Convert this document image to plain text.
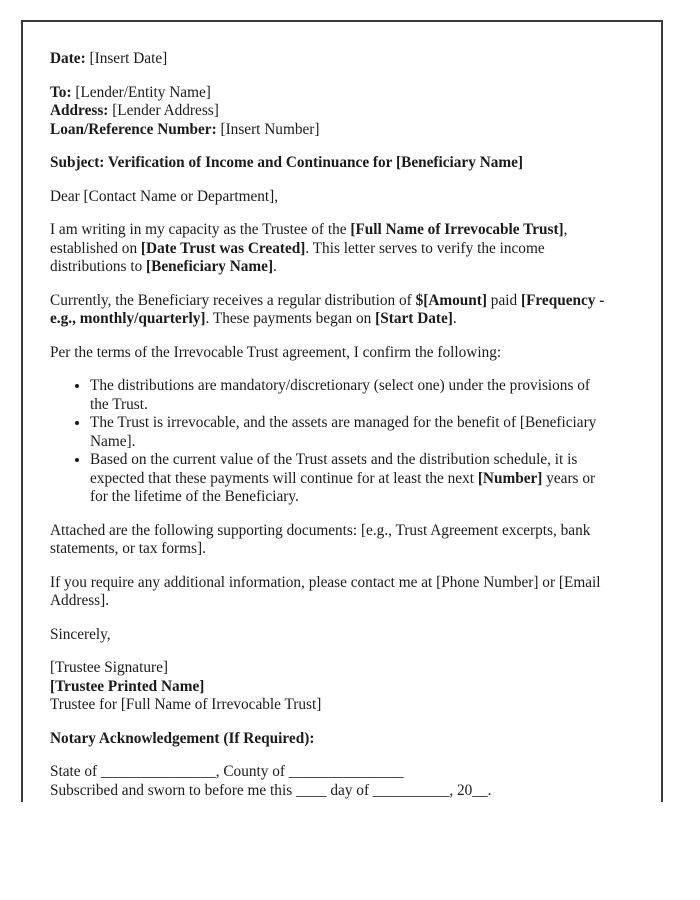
Date: [Insert Date]

To: [Lender/Entity Name]
Address: [Lender Address]
Loan/Reference Number: [Insert Number]

Subject: Verification of Income and Continuance for [Beneficiary Name]

Dear [Contact Name or Department],

I am writing in my capacity as the Trustee of the [Full Name of Irrevocable Trust],
established on [Date Trust was Created]. This letter serves to verify the income
distributions to [Beneficiary Name].

Currently, the Beneficiary receives a regular distribution of $[Amount] paid [Frequency -
e.g., monthly/quarterly]. These payments began on [Start Date].

Per the terms of the Irrevocable Trust agreement, I confirm the following:

• The distributions are mandatory/discretionary (select one) under the provisions of
the Trust.
• The Trust is irrevocable, and the assets are managed for the benefit of [Beneficiary
Name].
• Based on the current value of the Trust assets and the distribution schedule, it is
expected that these payments will continue for at least the next [Number] years or
for the lifetime of the Beneficiary.

Attached are the following supporting documents: [e.g., Trust Agreement excerpts, bank
statements, or tax forms].

If you require any additional information, please contact me at [Phone Number] or [Email
Address].

Sincerely,

[Trustee Signature]
[Trustee Printed Name]
Trustee for [Full Name of Irrevocable Trust]

Notary Acknowledgement (If Required):

State of _______________, County of _______________
Subscribed and sworn to before me this ____ day of __________, 20__.
